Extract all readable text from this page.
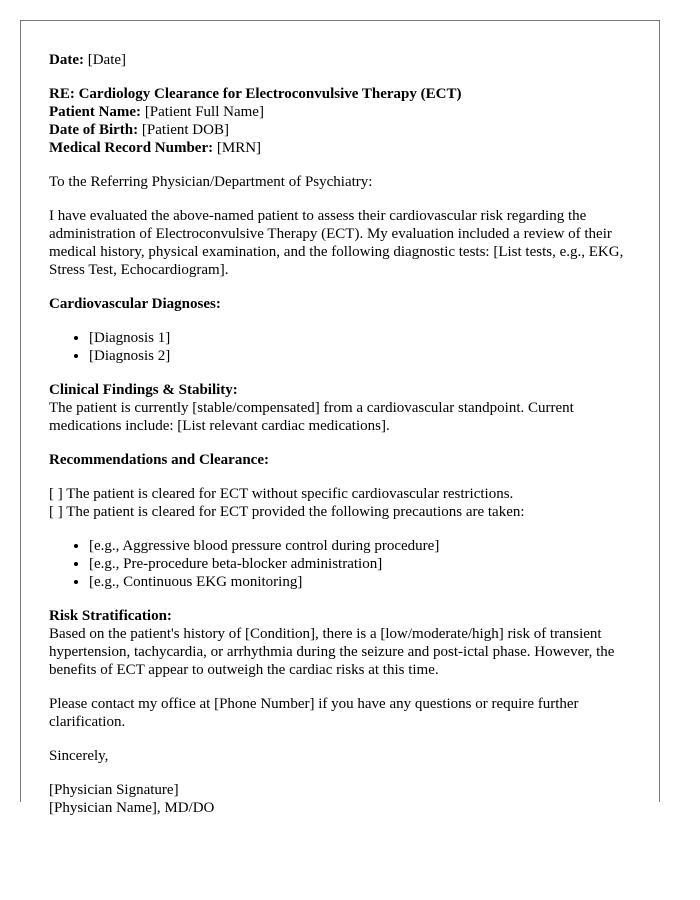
Date: [Date]

RE: Cardiology Clearance for Electroconvulsive Therapy (ECT)
Patient Name: [Patient Full Name]
Date of Birth: [Patient DOB]
Medical Record Number: [MRN]

To the Referring Physician/Department of Psychiatry:

I have evaluated the above-named patient to assess their cardiovascular risk regarding the administration of Electroconvulsive Therapy (ECT). My evaluation included a review of their medical history, physical examination, and the following diagnostic tests: [List tests, e.g., EKG, Stress Test, Echocardiogram].

Cardiovascular Diagnoses:
• [Diagnosis 1]
• [Diagnosis 2]
Clinical Findings & Stability:
The patient is currently [stable/compensated] from a cardiovascular standpoint. Current medications include: [List relevant cardiac medications].
Recommendations and Clearance:
[ ] The patient is cleared for ECT without specific cardiovascular restrictions.
[ ] The patient is cleared for ECT provided the following precautions are taken:
• [e.g., Aggressive blood pressure control during procedure]
• [e.g., Pre-procedure beta-blocker administration]
• [e.g., Continuous EKG monitoring]
Risk Stratification:
Based on the patient's history of [Condition], there is a [low/moderate/high] risk of transient hypertension, tachycardia, or arrhythmia during the seizure and post-ictal phase. However, the benefits of ECT appear to outweigh the cardiac risks at this time.

Please contact my office at [Phone Number] if you have any questions or require further clarification.

Sincerely,

[Physician Signature]
[Physician Name], MD/DO
